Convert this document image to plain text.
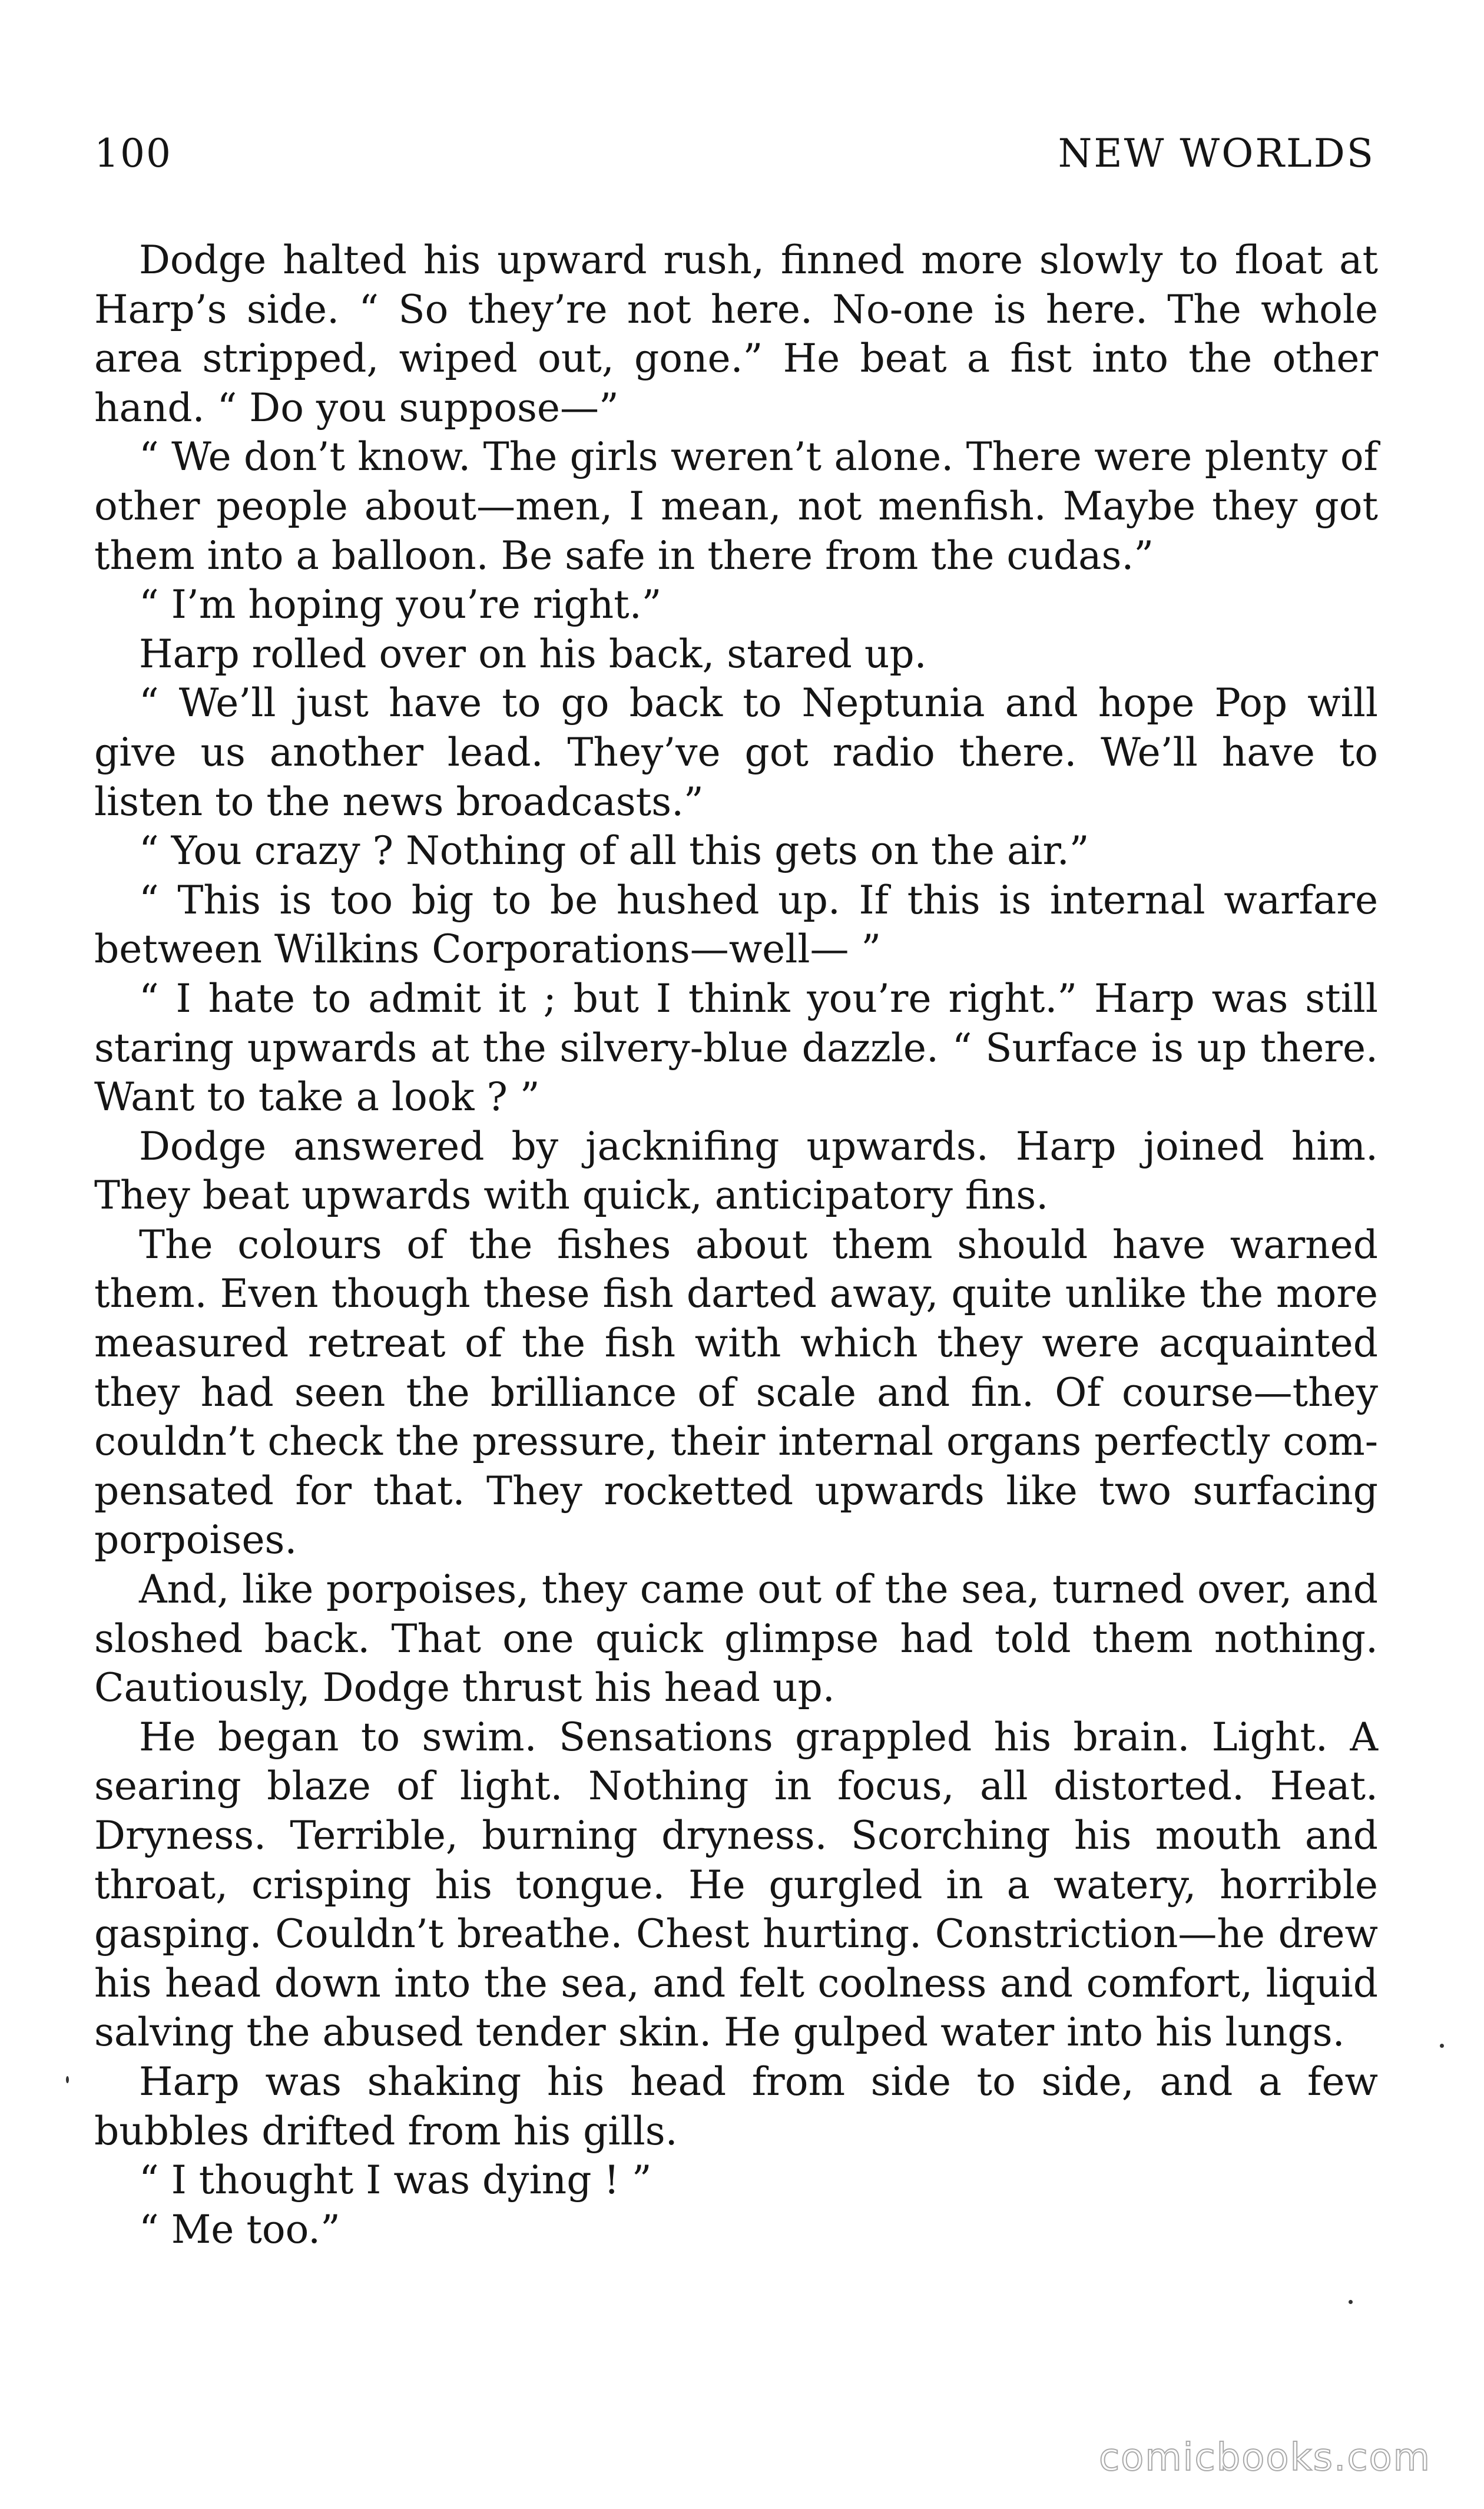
100	NEW WORLDS

Dodge halted his upward rush, finned more slowly to float at Harp’s side. “ So they’re not here. No-one is here. The whole area stripped, wiped out, gone.” He beat a fist into the other hand. “ Do you suppose—”

“ We don’t know. The girls weren’t alone. There were plenty of other people about—men, I mean, not menfish. Maybe they got them into a balloon. Be safe in there from the cudas.”

“ I’m hoping you’re right.”

Harp rolled over on his back, stared up.

“ We’ll just have to go back to Neptunia and hope Pop will give us another lead. They’ve got radio there. We’ll have to listen to the news broadcasts.”

“ You crazy ? Nothing of all this gets on the air.”

“ This is too big to be hushed up. If this is internal warfare between Wilkins Corporations—well— ”

“ I hate to admit it ; but I think you’re right.” Harp was still staring upwards at the silvery-blue dazzle. “ Surface is up there. Want to take a look ? ”

Dodge answered by jacknifing upwards. Harp joined him. They beat upwards with quick, anticipatory fins.

The colours of the fishes about them should have warned them. Even though these fish darted away, quite unlike the more measured retreat of the fish with which they were acquainted they had seen the brilliance of scale and fin. Of course—they couldn’t check the pressure, their internal organs perfectly compensated for that. They rocketted upwards like two surfacing porpoises.

And, like porpoises, they came out of the sea, turned over, and sloshed back. That one quick glimpse had told them nothing. Cautiously, Dodge thrust his head up.

He began to swim. Sensations grappled his brain. Light. A searing blaze of light. Nothing in focus, all distorted. Heat. Dryness. Terrible, burning dryness. Scorching his mouth and throat, crisping his tongue. He gurgled in a watery, horrible gasping. Couldn’t breathe. Chest hurting. Constriction—he drew his head down into the sea, and felt coolness and comfort, liquid salving the abused tender skin. He gulped water into his lungs.

Harp was shaking his head from side to side, and a few bubbles drifted from his gills.

“ I thought I was dying ! ”

“ Me too.”

comicbooks.com
